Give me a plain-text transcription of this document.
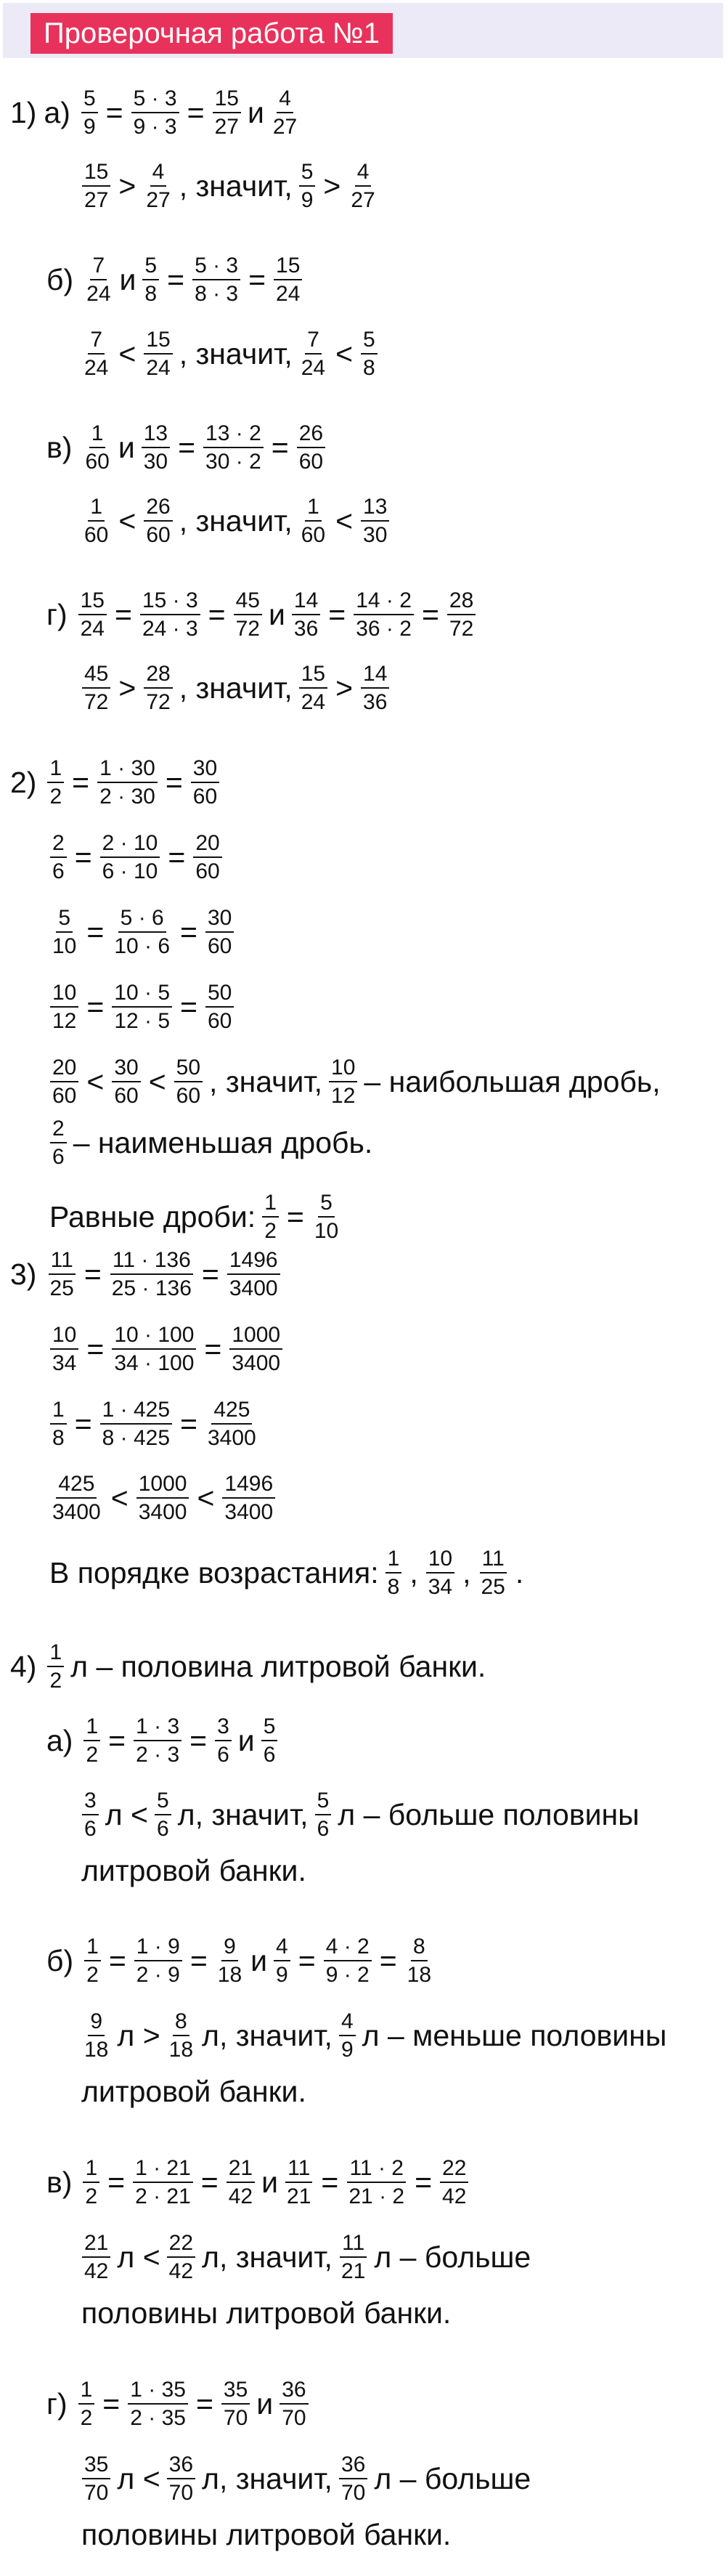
Проверочная работа №1
1) $а) \frac{5}{9} = \frac{5 \cdot 3}{9 \cdot 3} = \frac{15}{27}$ и $\frac{4}{27}$
$\frac{15}{27} > \frac{4}{27}$ , значит, $\frac{5}{9} > \frac{4}{27}$
$б) \frac{7}{24}$ и $\frac{5}{8} = \frac{5 \cdot 3}{8 \cdot 3} = \frac{15}{24}$
$\frac{7}{24} < \frac{15}{24}$ , значит, $\frac{7}{24} < \frac{5}{8}$
$в) \frac{1}{60}$ и $\frac{13}{30} = \frac{13 \cdot 2}{30 \cdot 2} = \frac{26}{60}$
$\frac{1}{60} < \frac{26}{60}$ , значит, $\frac{1}{60} < \frac{13}{30}$
$г) \frac{15}{24} = \frac{15 \cdot 3}{24 \cdot 3} = \frac{45}{72}$ и $\frac{14}{36} = \frac{14 \cdot 2}{36 \cdot 2} = \frac{28}{72}$
$\frac{45}{72} > \frac{28}{72}$ , значит, $\frac{15}{24} > \frac{14}{36}$
$2) \frac{1}{2} = \frac{1 \cdot 30}{2 \cdot 30} = \frac{30}{60}$
$\frac{2}{6} = \frac{2 \cdot 10}{6 \cdot 10} = \frac{20}{60}$
$\frac{5}{10} = \frac{5 \cdot 6}{10 \cdot 6} = \frac{30}{60}$
$\frac{10}{12} = \frac{10 \cdot 5}{12 \cdot 5} = \frac{50}{60}$
$\frac{20}{60} < \frac{30}{60} < \frac{50}{60}$ , значит, $\frac{10}{12}$ – наибольшая дробь,
$\frac{2}{6}$ – наименьшая дробь.
Равные дроби: $\frac{1}{2} = \frac{5}{10}$
$3) \frac{11}{25} = \frac{11 \cdot 136}{25 \cdot 136} = \frac{1496}{3400}$
$\frac{10}{34} = \frac{10 \cdot 100}{34 \cdot 100} = \frac{1000}{3400}$
$\frac{1}{8} = \frac{1 \cdot 425}{8 \cdot 425} = \frac{425}{3400}$
$\frac{425}{3400} < \frac{1000}{3400} < \frac{1496}{3400}$
В порядке возрастания: $\frac{1}{8}$ , $\frac{10}{34}$ , $\frac{11}{25}$ .
$4) \frac{1}{2}$ л – половина литровой банки.
$а) \frac{1}{2} = \frac{1 \cdot 3}{2 \cdot 3} = \frac{3}{6}$ и $\frac{5}{6}$
$\frac{3}{6}$ $л < \frac{5}{6} л$, значит, $\frac{5}{6}$ л – больше половины
литровой банки.
$б) \frac{1}{2} = \frac{1 \cdot 9}{2 \cdot 9} = \frac{9}{18}$ и $\frac{4}{9} = \frac{4 \cdot 2}{9 \cdot 2} = \frac{8}{18}$
$\frac{9}{18}$ $л > \frac{8}{18} л$, значит, $\frac{4}{9}$ л – меньше половины
литровой банки.
$в) \frac{1}{2} = \frac{1 \cdot 21}{2 \cdot 21} = \frac{21}{42}$ и $\frac{11}{21} = \frac{11 \cdot 2}{21 \cdot 2} = \frac{22}{42}$
$\frac{21}{42}$ $л < \frac{22}{42} л$, значит, $\frac{11}{21}$ л – больше
половины литровой банки.
$г) \frac{1}{2} = \frac{1 \cdot 35}{2 \cdot 35} = \frac{35}{70}$ и $\frac{36}{70}$
$\frac{35}{70}$ $л < \frac{36}{70} л$, значит, $\frac{36}{70}$ л – больше
половины литровой банки.
